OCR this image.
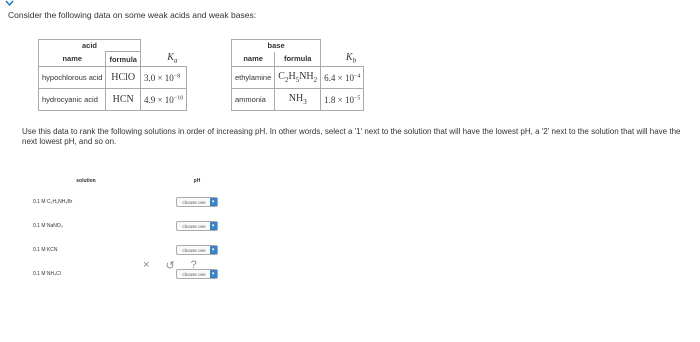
Consider the following data on some weak acids and weak bases:
acid		
name	formula	$K_a$
hypochlorous acid	HClO	$3.0 \times 10^{-8}$
hydrocyanic acid	HCN	$4.9 \times 10^{-10}$
base		
name	formula	$K_b$
ethylamine	$C_2H_5NH_2$	$6.4 \times 10^{-4}$
ammonia	$NH_3$	$1.8 \times 10^{-5}$
Use this data to rank the following solutions in order of increasing pH. In other words, select a '1' next to the solution that will have the lowest pH, a '2' next to the solution that will have the next lowest pH, and so on.
solution	pH
0.1 M C₂H₅NH₃Br	choose one ▾

0.1 M NaNO₃	choose one ▾

0.1 M KCN	choose one ▾

0.1 M NH₄Cl	choose one ▾
× ↺ ?
